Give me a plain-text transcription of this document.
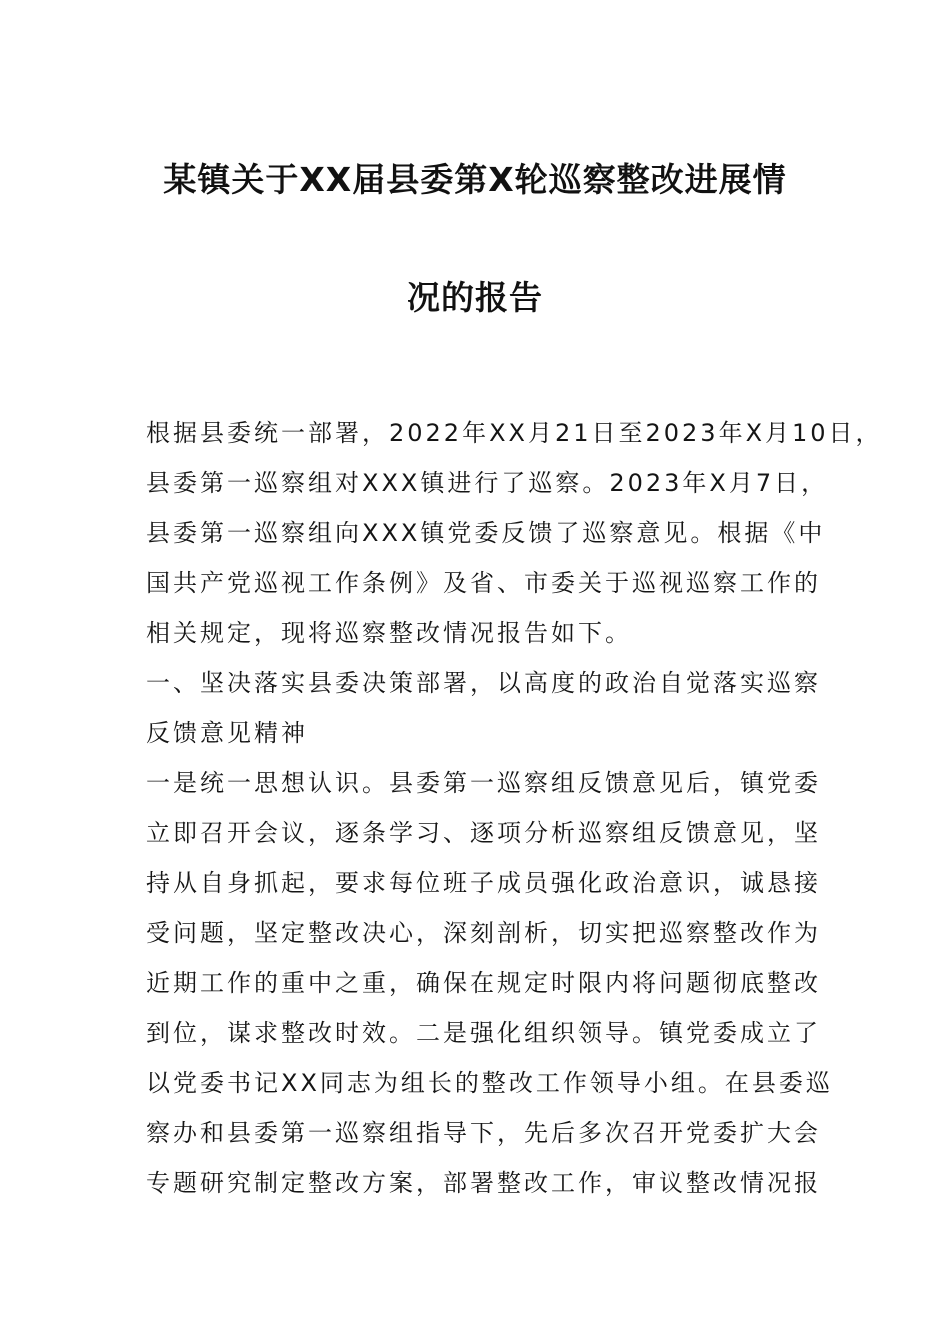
某镇关于XX届县委第X轮巡察整改进展情
况的报告
根据县委统一部署，2022年XX月21日至2023年X月10日，
县委第一巡察组对XXX镇进行了巡察。2023年X月7日，
县委第一巡察组向XXX镇党委反馈了巡察意见。根据《中
国共产党巡视工作条例》及省、市委关于巡视巡察工作的
相关规定，现将巡察整改情况报告如下。
一、坚决落实县委决策部署，以高度的政治自觉落实巡察
反馈意见精神
一是统一思想认识。县委第一巡察组反馈意见后，镇党委
立即召开会议，逐条学习、逐项分析巡察组反馈意见，坚
持从自身抓起，要求每位班子成员强化政治意识，诚恳接
受问题，坚定整改决心，深刻剖析，切实把巡察整改作为
近期工作的重中之重，确保在规定时限内将问题彻底整改
到位，谋求整改时效。二是强化组织领导。镇党委成立了
以党委书记XX同志为组长的整改工作领导小组。在县委巡
察办和县委第一巡察组指导下，先后多次召开党委扩大会
专题研究制定整改方案，部署整改工作，审议整改情况报
